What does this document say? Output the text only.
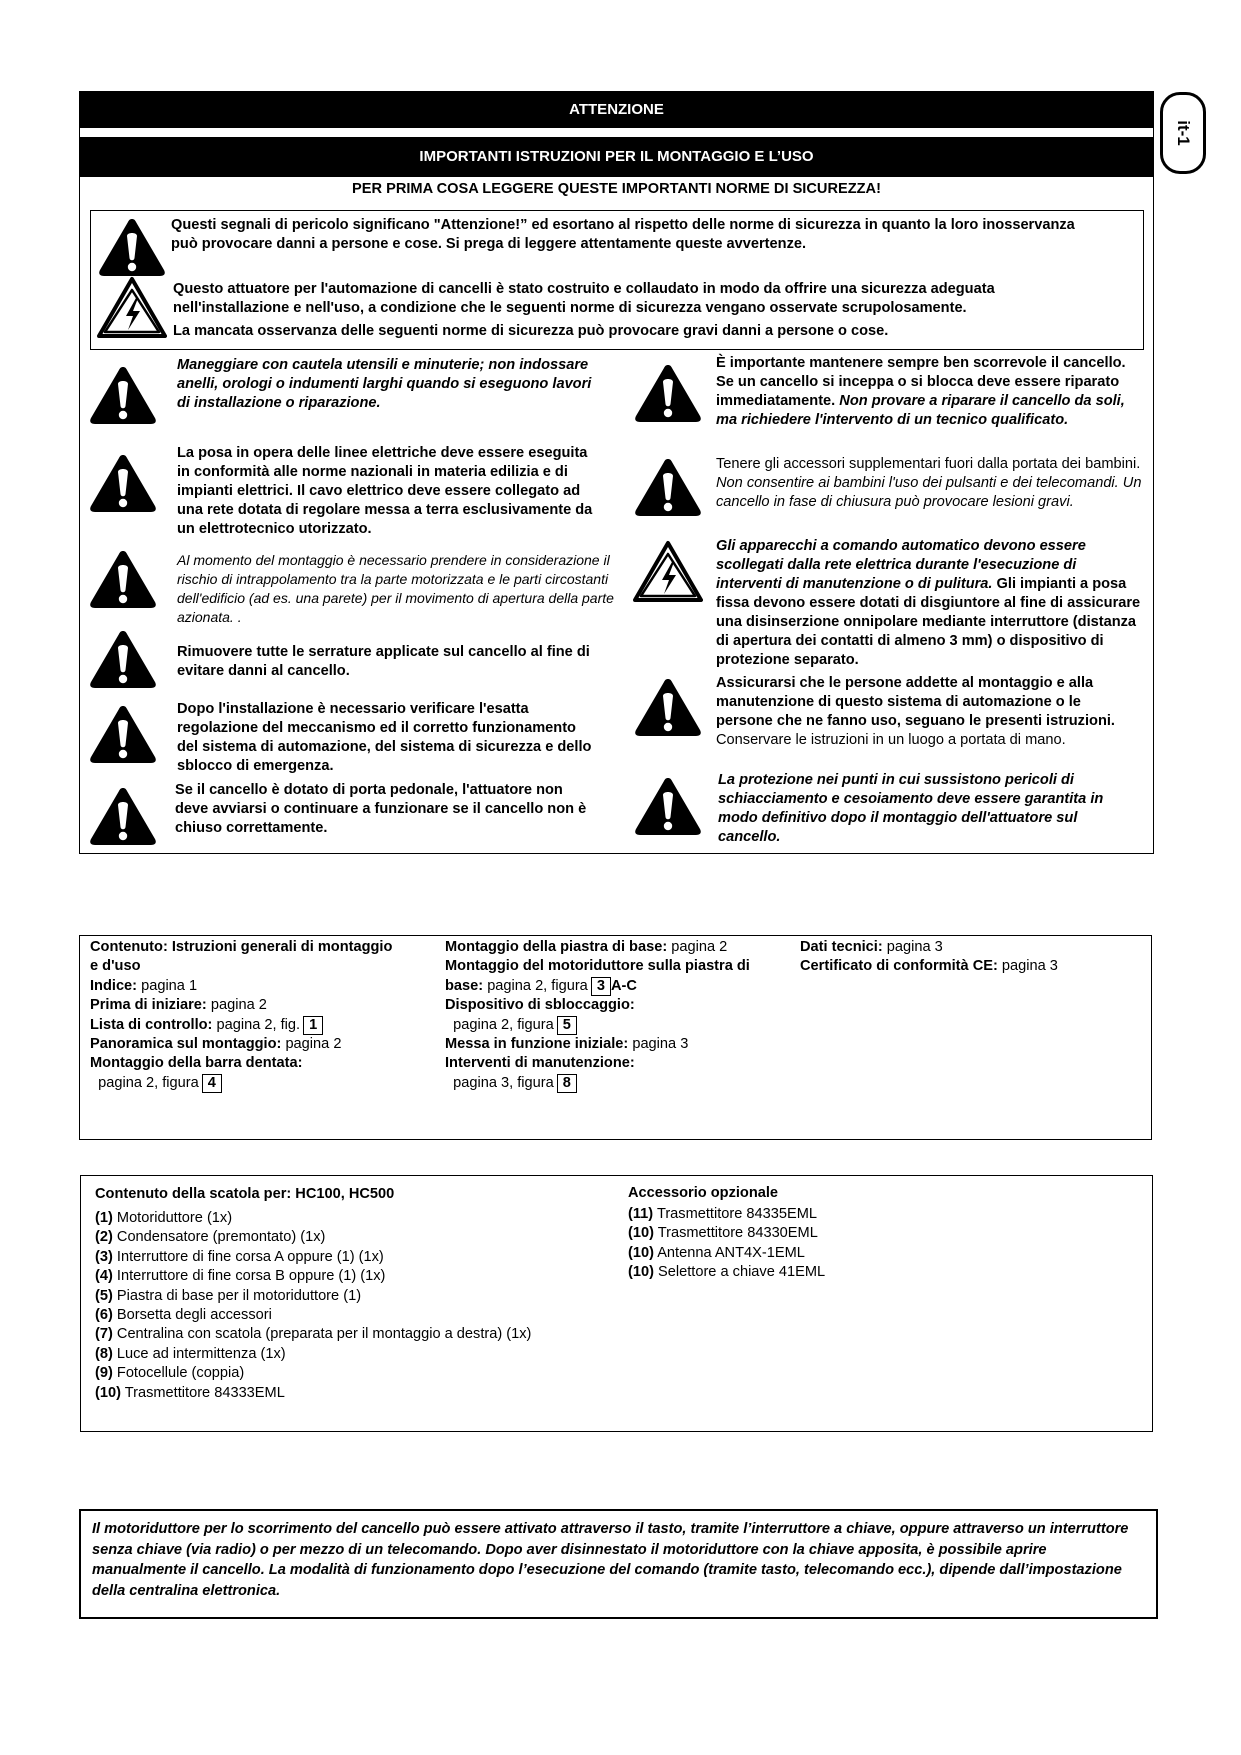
it-1
ATTENZIONE
IMPORTANTI ISTRUZIONI PER IL MONTAGGIO E L’USO
PER PRIMA COSA LEGGERE QUESTE IMPORTANTI NORME DI SICUREZZA!
Questi segnali di pericolo significano "Attenzione!” ed esortano al rispetto delle norme di sicurezza in quanto la loro inosservanza può provocare danni a persone e cose. Si prega di leggere attentamente queste avvertenze.
Questo attuatore per l'automazione di cancelli è stato costruito e collaudato in modo da offrire una sicurezza adeguata nell'installazione e nell'uso, a condizione che le seguenti norme di sicurezza vengano osservate scrupolosamente.
La mancata osservanza delle seguenti norme di sicurezza può provocare gravi danni a persone o cose.
Maneggiare con cautela utensili e minuterie; non indossare anelli, orologi o indumenti larghi quando si eseguono lavori di installazione o riparazione.
La posa in opera delle linee elettriche deve essere eseguita in conformità alle norme nazionali in materia edilizia e di impianti elettrici. Il cavo elettrico deve essere collegato ad una rete dotata di regolare messa a terra esclusivamente da un elettrotecnico utorizzato.
Al momento del montaggio è necessario prendere in considerazione il rischio di intrappolamento tra la parte motorizzata e le parti circostanti dell'edificio (ad es. una parete) per il movimento di apertura della parte azionata. .
Rimuovere tutte le serrature applicate sul cancello al fine di evitare danni al cancello.
Dopo l'installazione è necessario verificare l'esatta regolazione del meccanismo ed il corretto funzionamento del sistema di automazione, del sistema di sicurezza e dello sblocco di emergenza.
Se il cancello è dotato di porta pedonale, l'attuatore non deve avviarsi o continuare a funzionare se il cancello non è chiuso correttamente.
È importante mantenere sempre ben scorrevole il cancello. Se un cancello si inceppa o si blocca deve essere riparato immediatamente. Non provare a riparare il cancello da soli, ma richiedere l'intervento di un tecnico qualificato.
Tenere gli accessori supplementari fuori dalla portata dei bambini. Non consentire ai bambini l'uso dei pulsanti e dei telecomandi. Un cancello in fase di chiusura può provocare lesioni gravi.
Gli apparecchi a comando automatico devono essere scollegati dalla rete elettrica durante l'esecuzione di interventi di manutenzione o di pulitura. Gli impianti a posa fissa devono essere dotati di disgiuntore al fine di assicurare una disinserzione onnipolare mediante interruttore (distanza di apertura dei contatti di almeno 3 mm) o dispositivo di protezione separato.
Assicurarsi che le persone addette al montaggio e alla manutenzione di questo sistema di automazione o le persone che ne fanno uso, seguano le presenti istruzioni. Conservare le istruzioni in un luogo a portata di mano.
La protezione nei punti in cui sussistono pericoli di schiacciamento e cesoiamento deve essere garantita in modo definitivo dopo il montaggio dell'attuatore sul cancello.
Contenuto: Istruzioni generali di montaggio
e d'uso
Indice: pagina 1
Prima di iniziare: pagina 2
Lista di controllo: pagina 2, fig. 1
Panoramica sul montaggio: pagina 2
Montaggio della barra dentata:
pagina 2, figura 4
Montaggio della piastra di base: pagina 2
Montaggio del motoriduttore sulla piastra di
base: pagina 2, figura 3 A-C
Dispositivo di sbloccaggio:
pagina 2, figura 5
Messa in funzione iniziale: pagina 3
Interventi di manutenzione:
pagina 3, figura 8
Dati tecnici: pagina 3
Certificato di conformità CE: pagina 3
Contenuto della scatola per: HC100, HC500
(1) Motoriduttore (1x)
(2) Condensatore (premontato) (1x)
(3) Interruttore di fine corsa A oppure (1) (1x)
(4) Interruttore di fine corsa B oppure (1) (1x)
(5) Piastra di base per il motoriduttore (1)
(6) Borsetta degli accessori
(7) Centralina con scatola (preparata per il montaggio a destra) (1x)
(8) Luce ad intermittenza (1x)
(9) Fotocellule (coppia)
(10) Trasmettitore 84333EML
Accessorio opzionale
(11) Trasmettitore 84335EML
(10) Trasmettitore 84330EML
(10) Antenna ANT4X-1EML
(10) Selettore a chiave 41EML
Il motoriduttore per lo scorrimento del cancello può essere attivato attraverso il tasto, tramite l’interruttore a chiave, oppure attraverso un interruttore senza chiave (via radio) o per mezzo di un telecomando. Dopo aver disinnestato il motoriduttore con la chiave apposita, è possibile aprire manualmente il cancello. La modalità di funzionamento dopo l’esecuzione del comando (tramite tasto, telecomando ecc.), dipende dall’impostazione della centralina elettronica.
